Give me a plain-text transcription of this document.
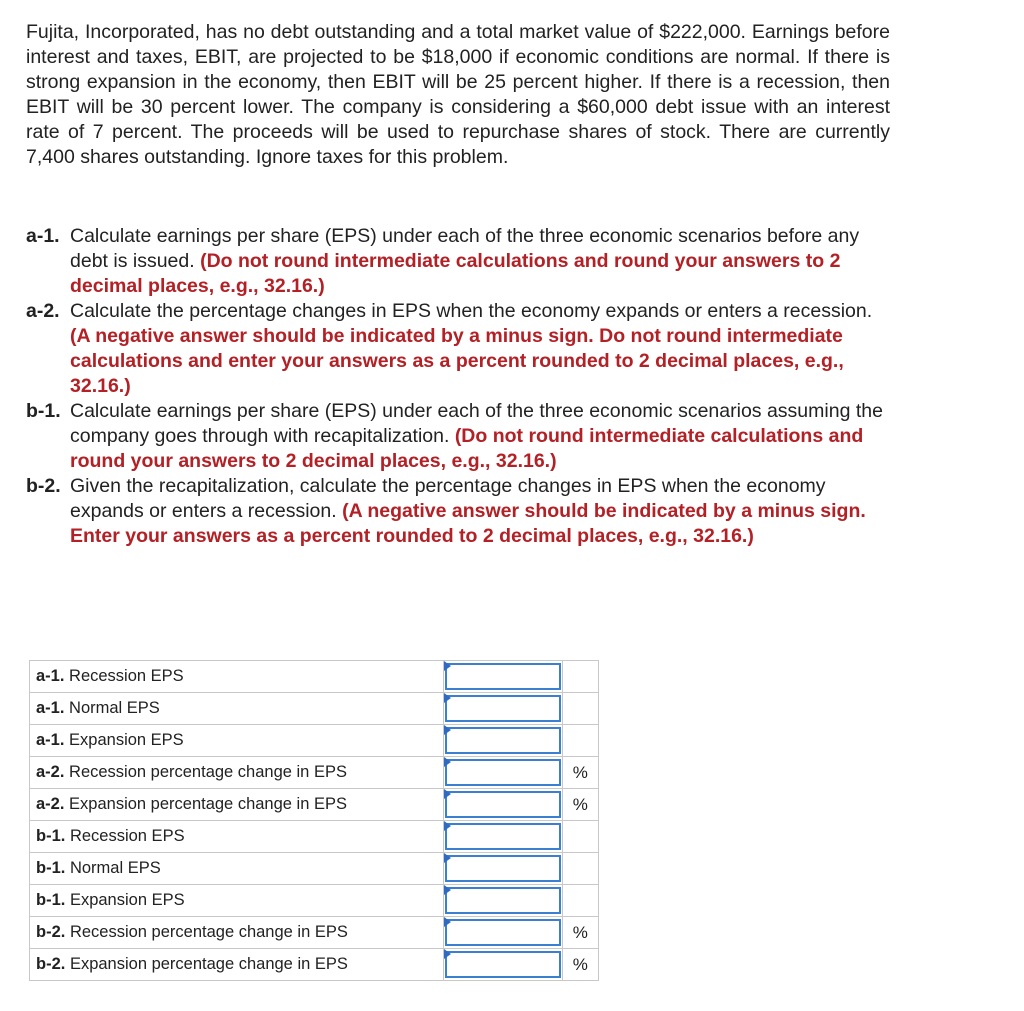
Fujita, Incorporated, has no debt outstanding and a total market value of $222,000. Earnings before interest and taxes, EBIT, are projected to be $18,000 if economic conditions are normal. If there is strong expansion in the economy, then EBIT will be 25 percent higher. If there is a recession, then EBIT will be 30 percent lower. The company is considering a $60,000 debt issue with an interest rate of 7 percent. The proceeds will be used to repurchase shares of stock. There are currently 7,400 shares outstanding. Ignore taxes for this problem.

a-1. Calculate earnings per share (EPS) under each of the three economic scenarios before any debt is issued. (Do not round intermediate calculations and round your answers to 2 decimal places, e.g., 32.16.)
a-2. Calculate the percentage changes in EPS when the economy expands or enters a recession. (A negative answer should be indicated by a minus sign. Do not round intermediate calculations and enter your answers as a percent rounded to 2 decimal places, e.g., 32.16.)
b-1. Calculate earnings per share (EPS) under each of the three economic scenarios assuming the company goes through with recapitalization. (Do not round intermediate calculations and round your answers to 2 decimal places, e.g., 32.16.)
b-2. Given the recapitalization, calculate the percentage changes in EPS when the economy expands or enters a recession. (A negative answer should be indicated by a minus sign. Enter your answers as a percent rounded to 2 decimal places, e.g., 32.16.)
a-1. Recession EPS	

a-1. Normal EPS	

a-1. Expansion EPS	

a-2. Recession percentage change in EPS		%
a-2. Expansion percentage change in EPS		%
b-1. Recession EPS	

b-1. Normal EPS	

b-1. Expansion EPS	

b-2. Recession percentage change in EPS		%
b-2. Expansion percentage change in EPS		%
